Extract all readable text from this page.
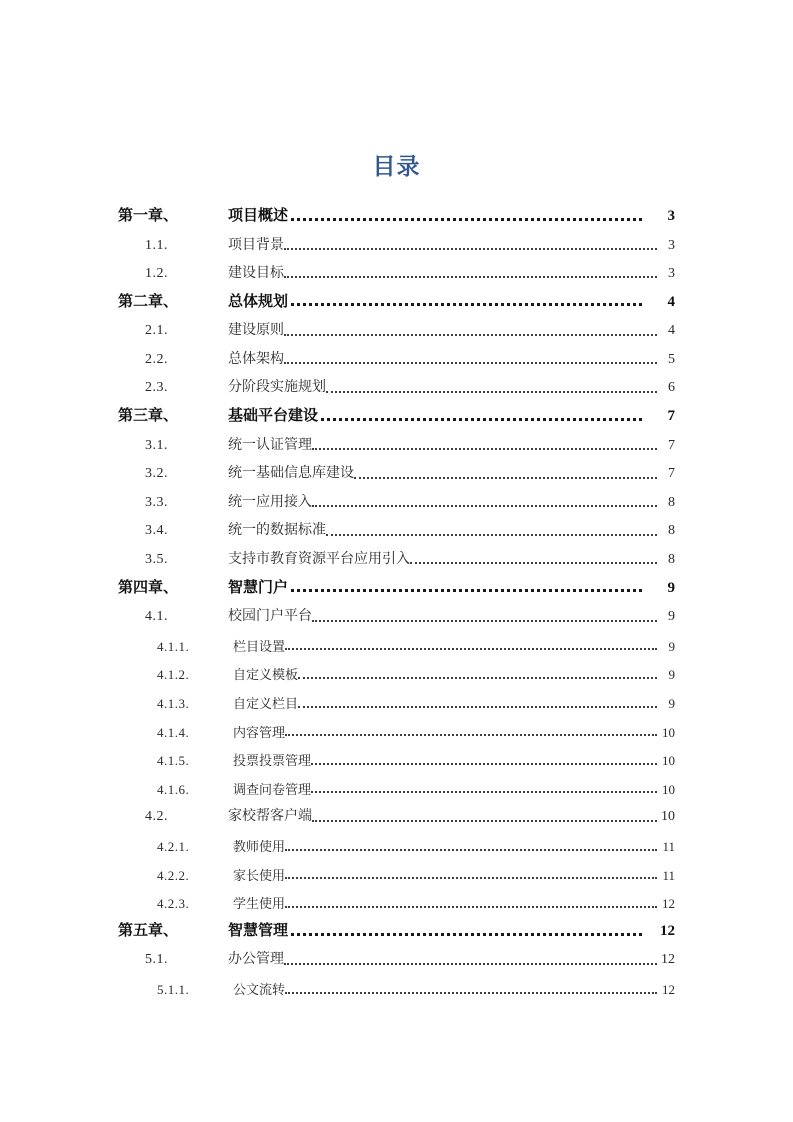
目录
第一章、	项目概述	3
1.1.	项目背景	3
1.2.	建设目标	3
第二章、	总体规划	4
2.1.	建设原则	4
2.2.	总体架构	5
2.3.	分阶段实施规划	6
第三章、	基础平台建设	7
3.1.	统一认证管理	7
3.2.	统一基础信息库建设	7
3.3.	统一应用接入	8
3.4.	统一的数据标准	8
3.5.	支持市教育资源平台应用引入	8
第四章、	智慧门户	9
4.1.	校园门户平台	9
4.1.1.	栏目设置	9
4.1.2.	自定义模板	9
4.1.3.	自定义栏目	9
4.1.4.	内容管理	10
4.1.5.	投票投票管理	10
4.1.6.	调查问卷管理	10
4.2.	家校帮客户端	10
4.2.1.	教师使用	11
4.2.2.	家长使用	11
4.2.3.	学生使用	12
第五章、	智慧管理	12
5.1.	办公管理	12
5.1.1.	公文流转	12
